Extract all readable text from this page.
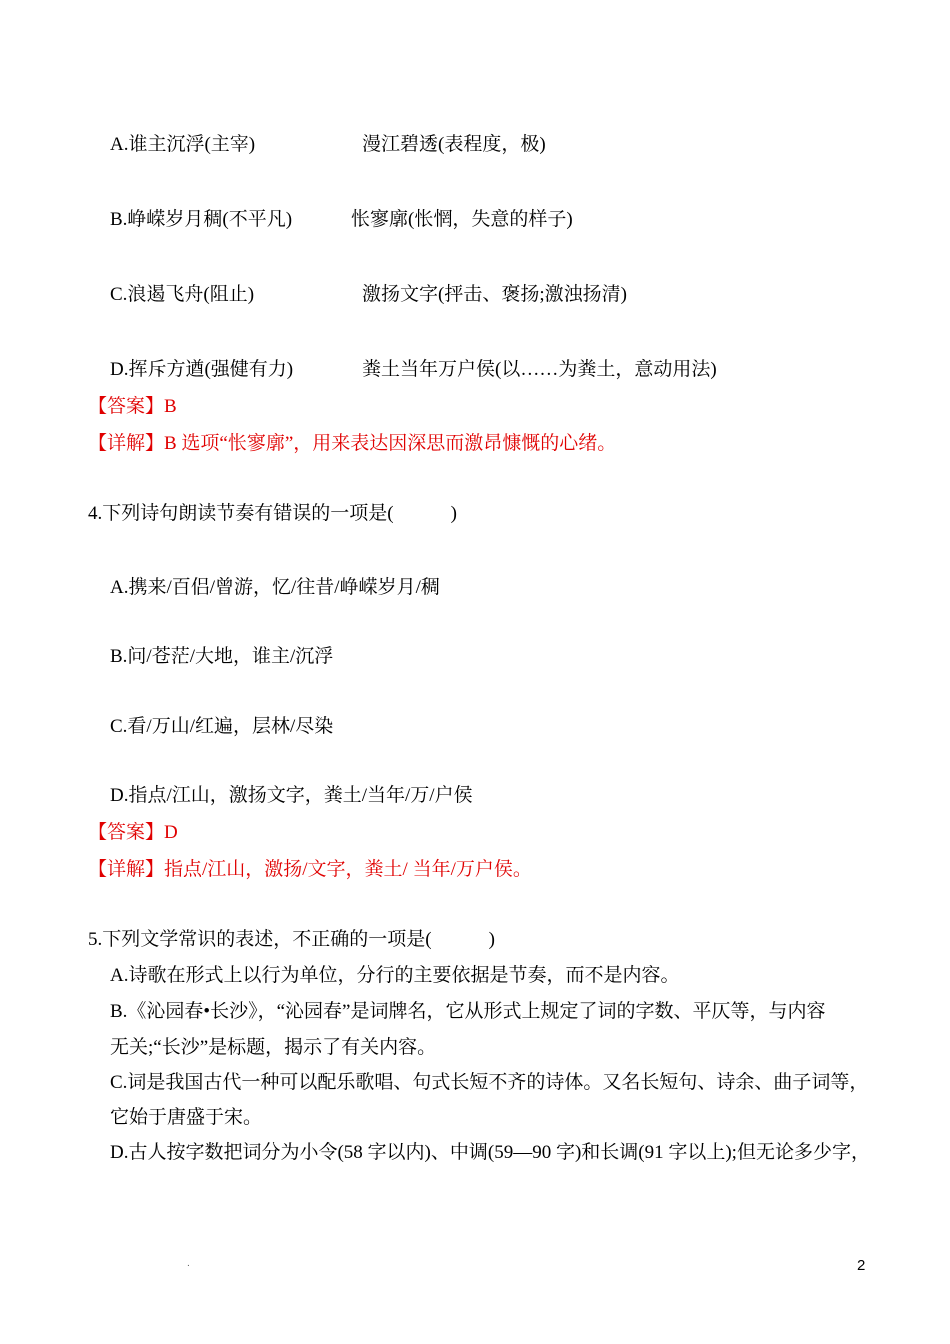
A.谁主沉浮(主宰)	漫江碧透(表程度，极)
B.峥嵘岁月稠(不平凡)	怅寥廓(怅惘，失意的样子)
C.浪遏飞舟(阻止)	激扬文字(抨击、褒扬;激浊扬清)
D.挥斥方遒(强健有力)	粪土当年万户侯(以……为粪土，意动用法)
【答案】B
【详解】B 选项“怅寥廓”，用来表达因深思而激昂慷慨的心绪。
4.下列诗句朗读节奏有错误的一项是(　　　)
A.携来/百侣/曾游，忆/往昔/峥嵘岁月/稠
B.问/苍茫/大地，谁主/沉浮
C.看/万山/红遍，层林/尽染
D.指点/江山，激扬文字，粪土/当年/万/户侯
【答案】D
【详解】指点/江山，激扬/文字，粪土/ 当年/万户侯。
5.下列文学常识的表述，不正确的一项是(　　　)
A.诗歌在形式上以行为单位，分行的主要依据是节奏，而不是内容。
B.《沁园春•长沙》，“沁园春”是词牌名，它从形式上规定了词的字数、平仄等，与内容
无关;“长沙”是标题，揭示了有关内容。
C.词是我国古代一种可以配乐歌唱、句式长短不齐的诗体。又名长短句、诗余、曲子词等，
它始于唐盛于宋。
D.古人按字数把词分为小令(58 字以内)、中调(59—90 字)和长调(91 字以上);但无论多少字，
.	2
